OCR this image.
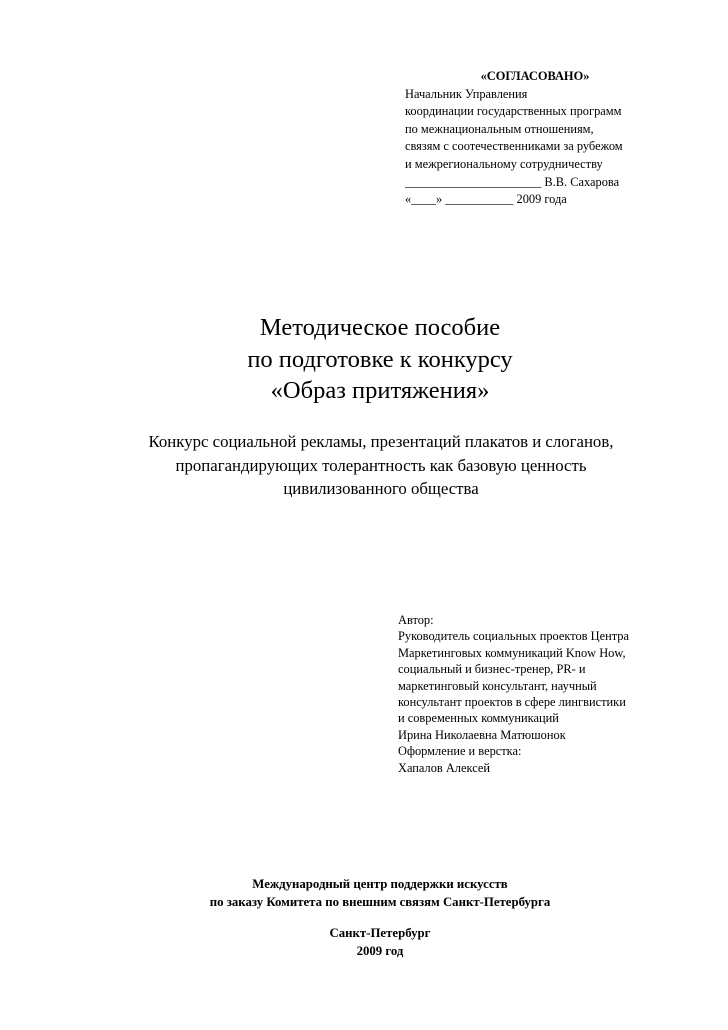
«СОГЛАСОВАНО»
Начальник Управления
координации государственных программ
по межнациональным отношениям,
связям с соотечественниками за рубежом
и межрегиональному сотрудничеству
______________________ В.В. Сахарова
«____» ___________ 2009 года
Методическое пособие
по подготовке к конкурсу
«Образ притяжения»
Конкурс социальной рекламы, презентаций плакатов и слоганов,
пропагандирующих толерантность как базовую ценность
цивилизованного общества
Автор:
Руководитель социальных проектов Центра
Маркетинговых коммуникаций Know How,
социальный и бизнес-тренер, PR- и
маркетинговый консультант, научный
консультант проектов в сфере лингвистики
и современных коммуникаций
Ирина Николаевна Матюшонок
Оформление и верстка:
Хапалов Алексей
Международный центр поддержки искусств
по заказу Комитета по внешним связям Санкт-Петербурга
Санкт-Петербург
2009 год
